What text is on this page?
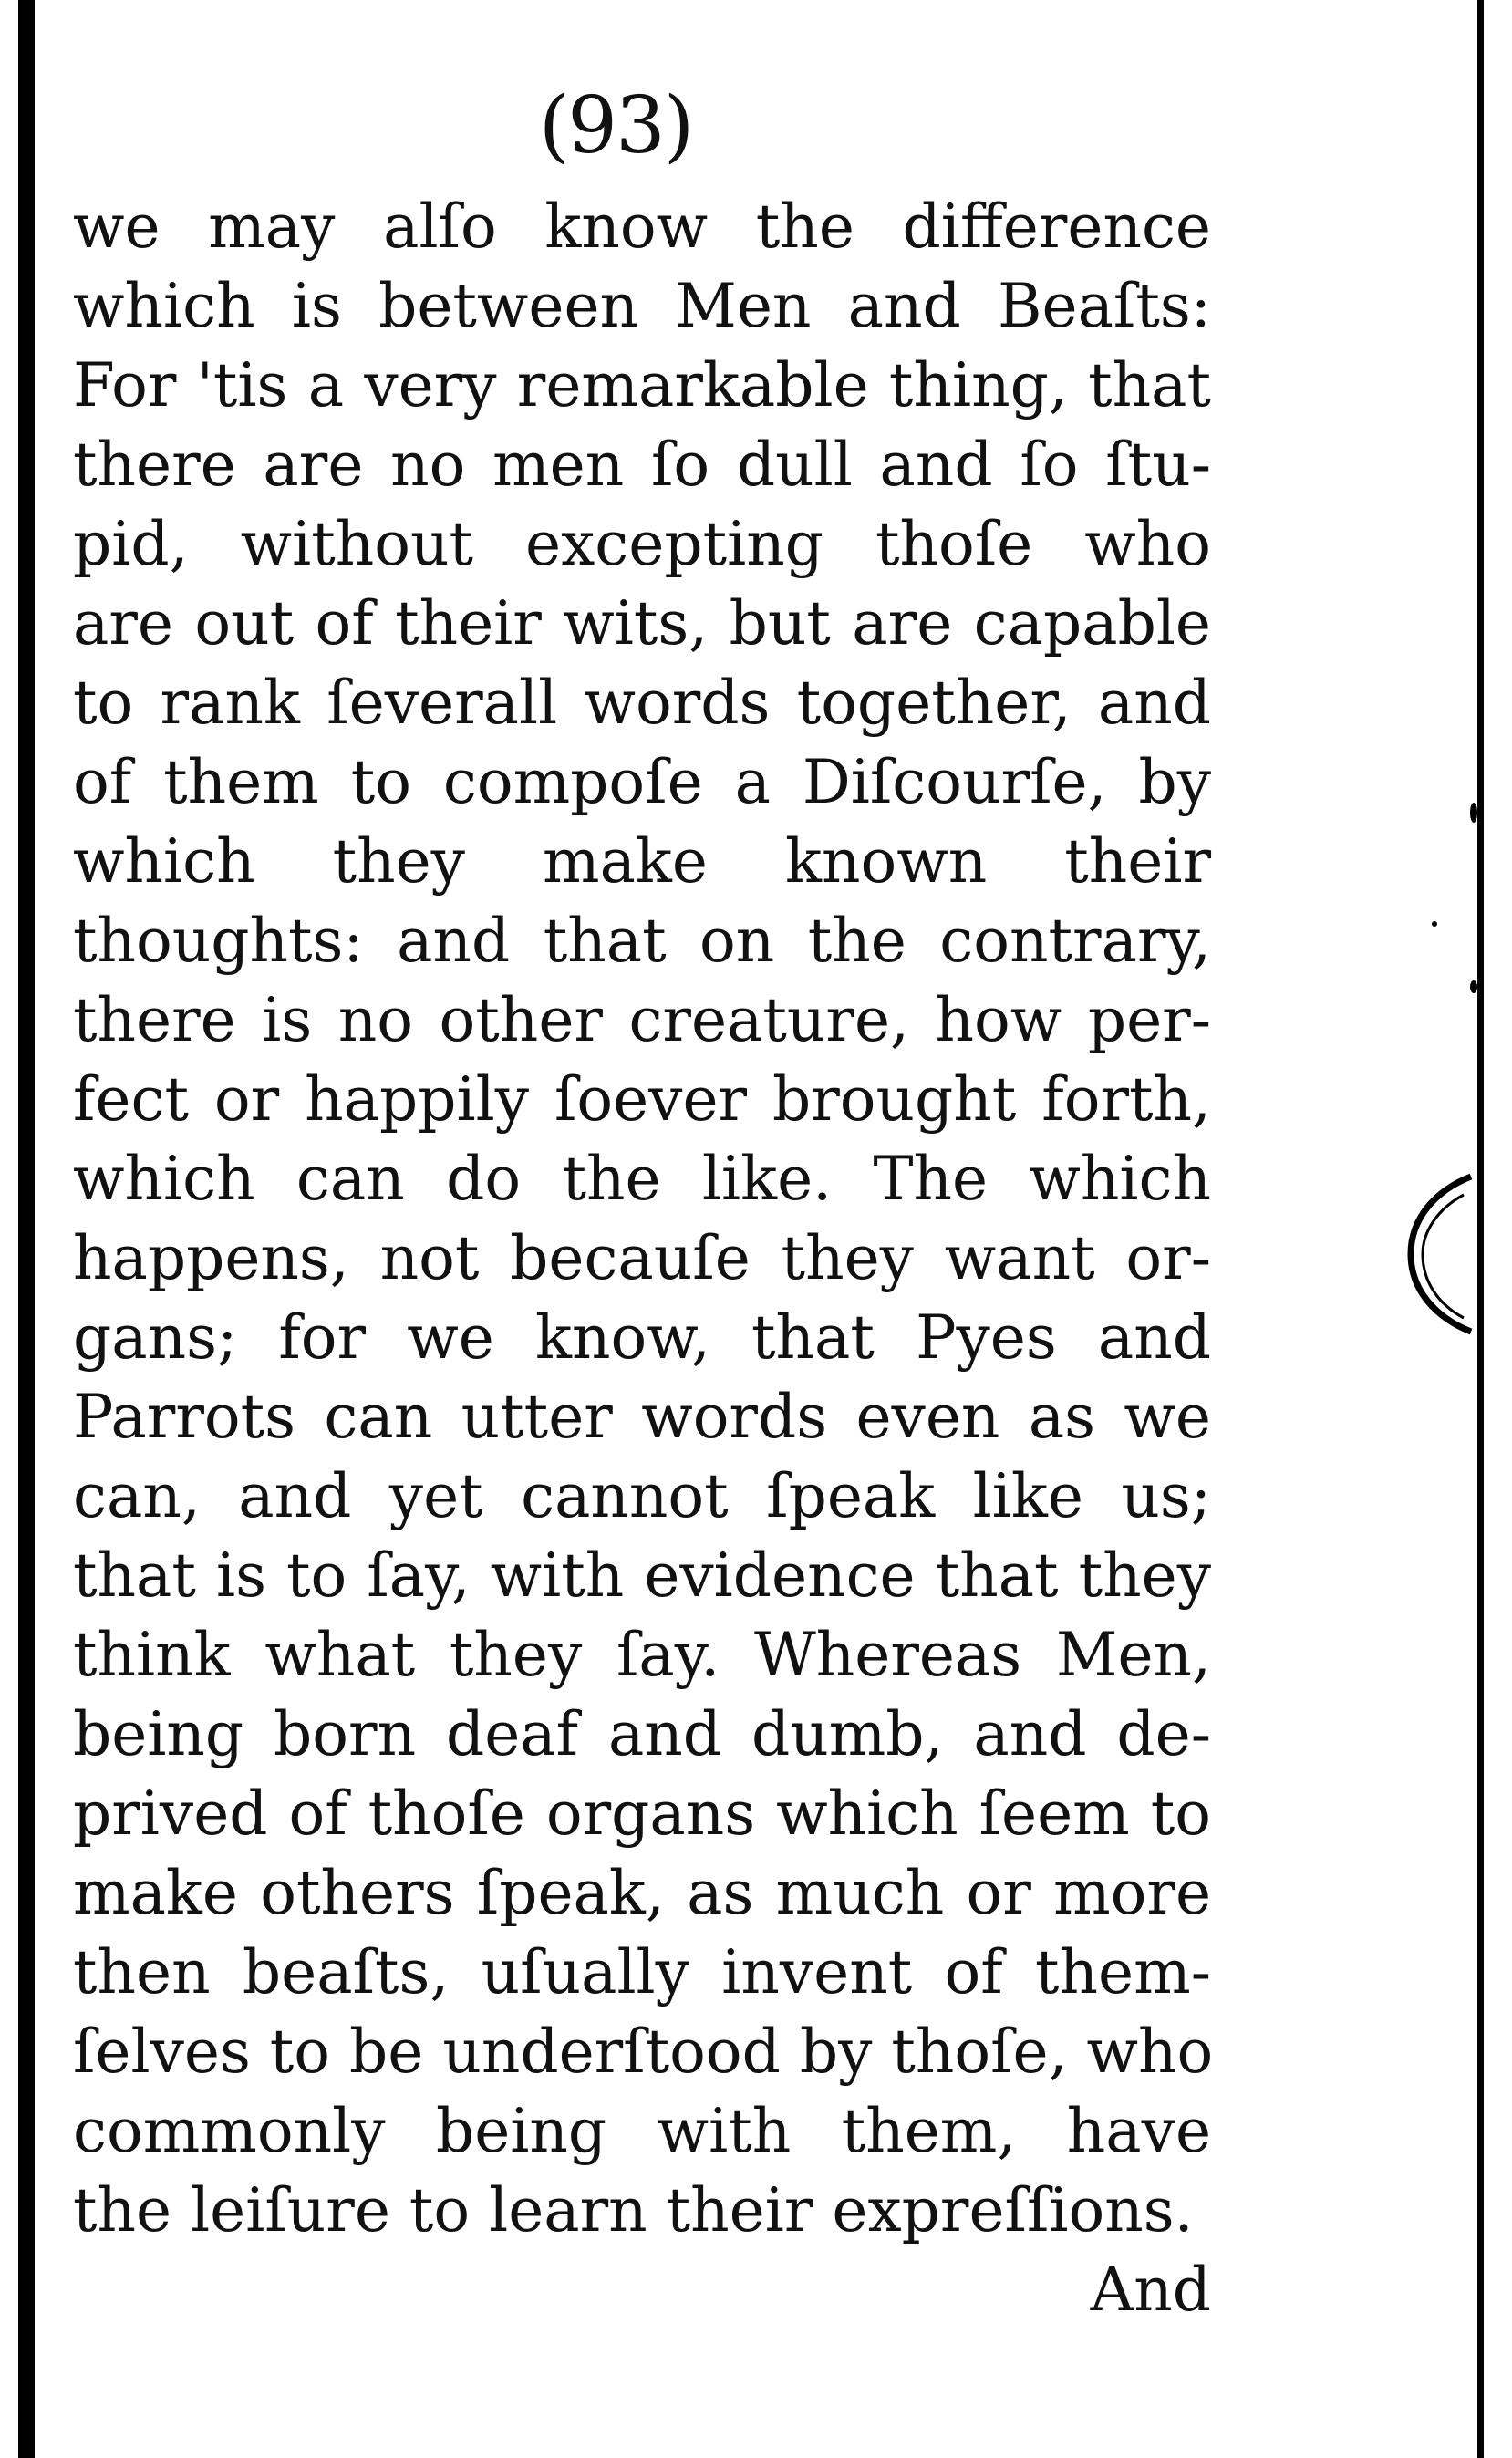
(93)
we may alſo know the difference
which is between Men and Beaſts:
For 'tis a very remarkable thing, that
there are no men ſo dull and ſo ſtu-
pid, without excepting thoſe who
are out of their wits, but are capable
to rank ſeverall words together, and
of them to compoſe a Diſcourſe, by
which they make known their
thoughts: and that on the contrary,
there is no other creature, how per-
fect or happily ſoever brought forth,
which can do the like. The which
happens, not becauſe they want or-
gans; for we know, that Pyes and
Parrots can utter words even as we
can, and yet cannot ſpeak like us;
that is to ſay, with evidence that they
think what they ſay. Whereas Men,
being born deaf and dumb, and de-
prived of thoſe organs which ſeem to
make others ſpeak, as much or more
then beaſts, uſually invent of them-
ſelves to be underſtood by thoſe, who
commonly being with them, have
the leiſure to learn their expreſſions.
And
